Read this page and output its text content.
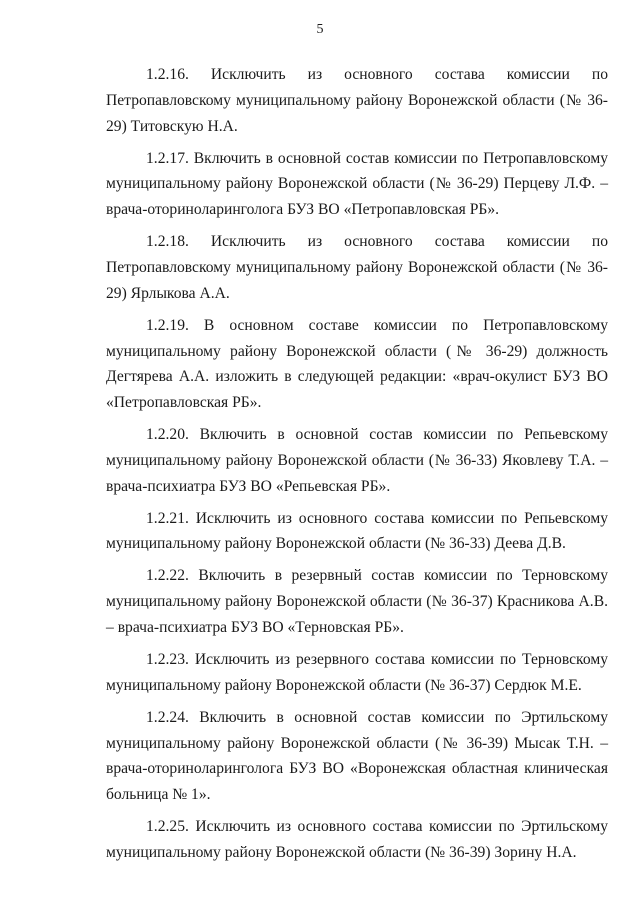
5

1.2.16. Исключить из основного состава комиссии по Петропавловскому муниципальному району Воронежской области (№ 36-29) Титовскую Н.А.

1.2.17. Включить в основной состав комиссии по Петропавловскому муниципальному району Воронежской области (№ 36-29) Перцеву Л.Ф. – врача-оториноларинголога БУЗ ВО «Петропавловская РБ».

1.2.18. Исключить из основного состава комиссии по Петропавловскому муниципальному району Воронежской области (№ 36-29) Ярлыкова А.А.

1.2.19. В основном составе комиссии по Петропавловскому муниципальному району Воронежской области (№ 36-29) должность Дегтярева А.А. изложить в следующей редакции: «врач-окулист БУЗ ВО «Петропавловская РБ».

1.2.20. Включить в основной состав комиссии по Репьевскому муниципальному району Воронежской области (№ 36-33) Яковлеву Т.А. – врача-психиатра БУЗ ВО «Репьевская РБ».

1.2.21. Исключить из основного состава комиссии по Репьевскому муниципальному району Воронежской области (№ 36-33) Деева Д.В.

1.2.22. Включить в резервный состав комиссии по Терновскому муниципальному району Воронежской области (№ 36-37) Красникова А.В. – врача-психиатра БУЗ ВО «Терновская РБ».

1.2.23. Исключить из резервного состава комиссии по Терновскому муниципальному району Воронежской области (№ 36-37) Сердюк М.Е.

1.2.24. Включить в основной состав комиссии по Эртильскому муниципальному району Воронежской области (№ 36-39) Мысак Т.Н. – врача-оториноларинголога БУЗ ВО «Воронежская областная клиническая больница № 1».

1.2.25. Исключить из основного состава комиссии по Эртильскому муниципальному району Воронежской области (№ 36-39) Зорину Н.А.
